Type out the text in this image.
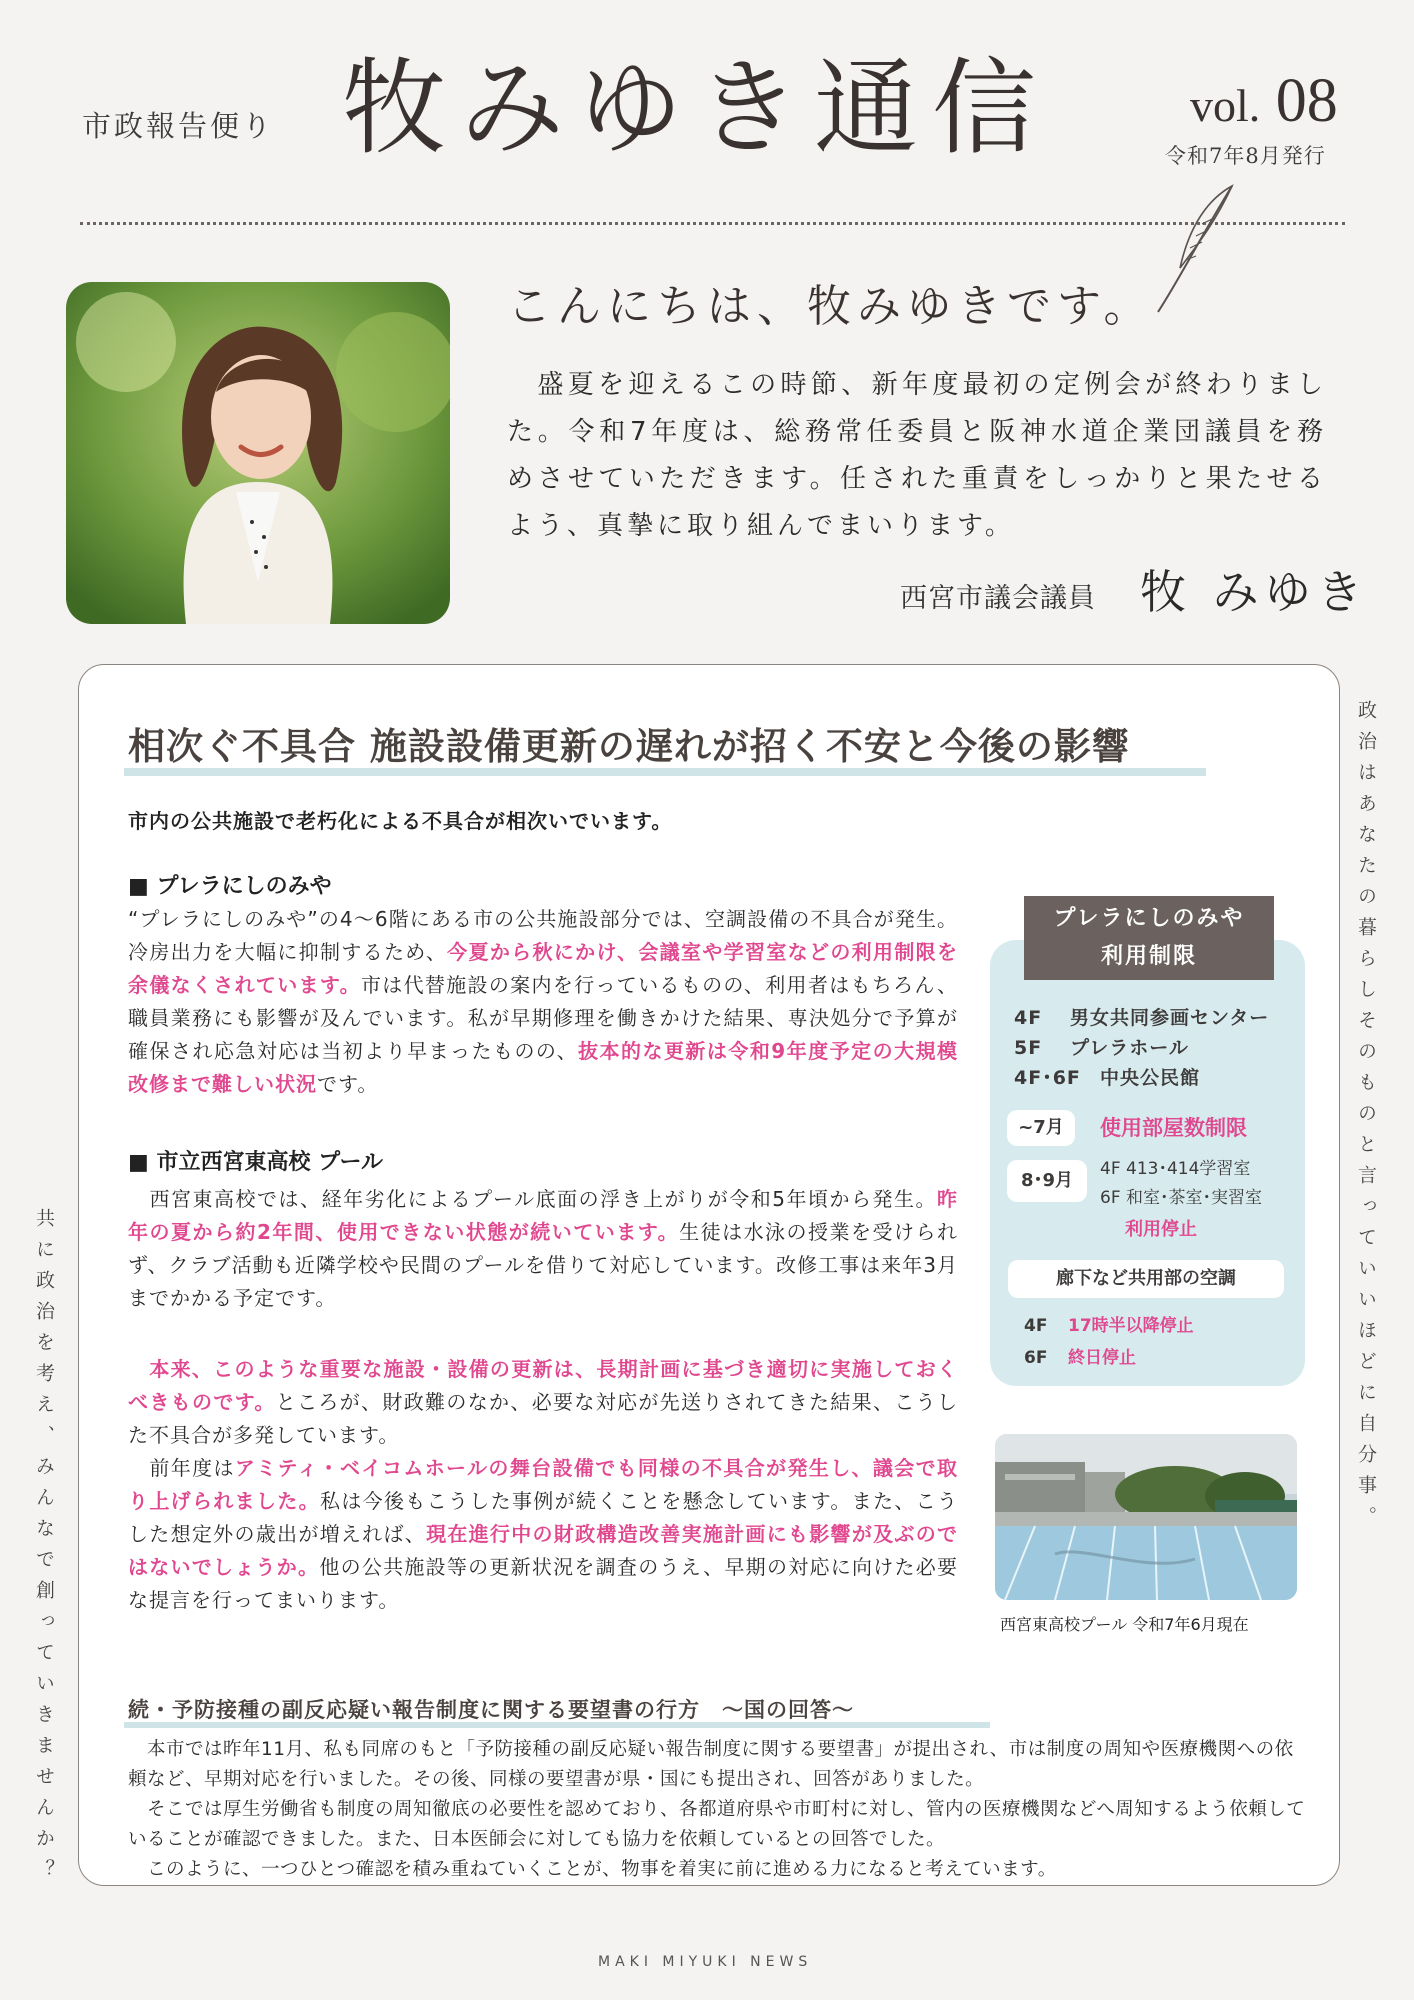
市政報告便り 牧みゆき通信	vol. 08
令和7年8月発行
こんにちは、牧みゆきです。
　盛夏を迎えるこの時節、新年度最初の定例会が終わりました。令和7年度は、総務常任委員と阪神水道企業団議員を務めさせていただきます。任された重責をしっかりと果たせるよう、真摯に取り組んでまいります。
西宮市議会議員 牧 みゆき
共に政治を考え、みんなで創っていきませんか？
政治はあなたの暮らしそのものと言っていいほどに自分事。
相次ぐ不具合 施設設備更新の遅れが招く不安と今後の影響
市内の公共施設で老朽化による不具合が相次いでいます。
■ プレラにしのみや
“プレラにしのみや”の4～6階にある市の公共施設部分では、空調設備の不具合が発生。冷房出力を大幅に抑制するため、今夏から秋にかけ、会議室や学習室などの利用制限を余儀なくされています。市は代替施設の案内を行っているものの、利用者はもちろん、職員業務にも影響が及んでいます。私が早期修理を働きかけた結果、専決処分で予算が確保され応急対応は当初より早まったものの、抜本的な更新は令和9年度予定の大規模改修まで難しい状況です。
■ 市立西宮東高校 プール
　西宮東高校では、経年劣化によるプール底面の浮き上がりが令和5年頃から発生。昨年の夏から約2年間、使用できない状態が続いています。生徒は水泳の授業を受けられず、クラブ活動も近隣学校や民間のプールを借りて対応しています。改修工事は来年3月までかかる予定です。
　本来、このような重要な施設・設備の更新は、長期計画に基づき適切に実施しておくべきものです。ところが、財政難のなか、必要な対応が先送りされてきた結果、こうした不具合が多発しています。
　前年度はアミティ・ベイコムホールの舞台設備でも同様の不具合が発生し、議会で取り上げられました。私は今後もこうした事例が続くことを懸念しています。また、こうした想定外の歳出が増えれば、現在進行中の財政構造改善実施計画にも影響が及ぶのではないでしょうか。他の公共施設等の更新状況を調査のうえ、早期の対応に向けた必要な提言を行ってまいります。
プレラにしのみや
利用制限
4F 男女共同参画センター
5F プレラホール
4F･6F 中央公民館
~7月	使用部屋数制限
8･9月
4F 413･414学習室
6F 和室･茶室･実習室
利用停止
廊下など共用部の空調
4F 17時半以降停止
6F 終日停止
西宮東高校プール 令和7年6月現在
続・予防接種の副反応疑い報告制度に関する要望書の行方　～国の回答～
　本市では昨年11月、私も同席のもと「予防接種の副反応疑い報告制度に関する要望書」が提出され、市は制度の周知や医療機関への依頼など、早期対応を行いました。その後、同様の要望書が県・国にも提出され、回答がありました。
　そこでは厚生労働省も制度の周知徹底の必要性を認めており、各都道府県や市町村に対し、管内の医療機関などへ周知するよう依頼していることが確認できました。また、日本医師会に対しても協力を依頼しているとの回答でした。
　このように、一つひとつ確認を積み重ねていくことが、物事を着実に前に進める力になると考えています。
MAKI MIYUKI NEWS
